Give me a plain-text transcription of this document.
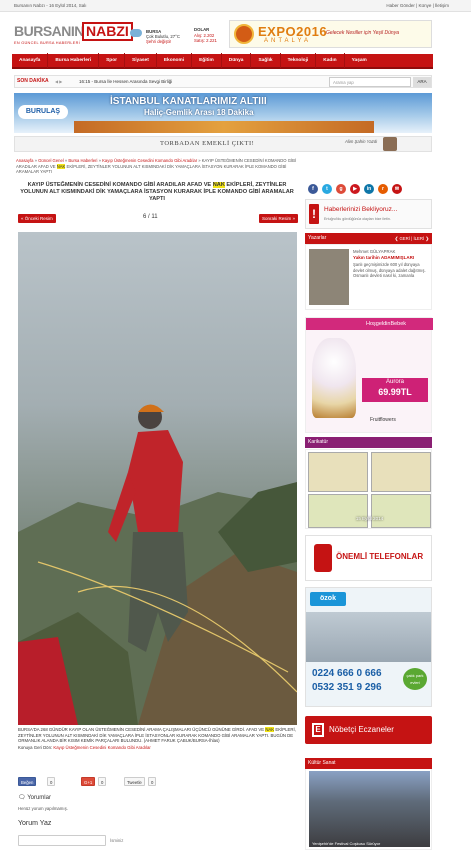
Bursanın Nabzı - 16 Eylül 2014, Salı	Haber Gönder | Künye | İletişim
BURSANIN NABZI
EN GÜNCEL BURSA HABERLERİ
BURSA
Çok Bulutlu, 27°C
Şehri değiştir
DOLAR
Alış: 2.202
Satış: 2.221
EXPO2016
ANTALYA
Gelecek Nesiller için Yeşil Dünya
Anasayfa	Bursa Haberleri	Spor	Siyaset	Ekonomi	Eğitim	Dünya	Sağlık	Teknoloji	Kadın	Yaşam
SON DAKİKA ◀ ▶	16:15 - Bursa İle Hessen Arasında Sevgi Birliği	Arama yap	ARA
BURULAŞ
İSTANBUL KANATLARIMIZ ALTIII
Haliç-Gemlik Arası 18 Dakika
TORBADAN EMEKLİ ÇIKTI!	Alim Şahin Yazdı
Anasayfa » Güncel Genel » Bursa Haberleri » Kayıp Üsteğmenin Cesedini Komando Gibi Aradılar » KAYIP ÜSTEĞMENİN CESEDİNİ KOMANDO GİBİ ARADILAR AFAD VE NAK EKİPLERİ, ZEYTİNLER YOLUNUN ALT KISMINDAKİ DİK YAMAÇLARA İSTASYON KURARAK İPLE KOMANDO GİBİ ARAMALAR YAPTI
KAYIP ÜSTEĞMENİN CESEDİNİ KOMANDO GİBİ ARADILAR AFAD VE NAK EKİPLERİ, ZEYTİNLER YOLUNUN ALT KISMINDAKİ DİK YAMAÇLARA İSTASYON KURARAK İPLE KOMANDO GİBİ ARAMALAR YAPTI
« Önceki Resim	6 / 11	Sonraki Resim »
BURSA'DA 268 GÜNDÜR KAYIP OLAN ÜSTEĞMENİN CESEDİNİ ARAMA ÇALIŞMALARI ÜÇÜNCÜ GÜNÜNE GİRDİ. AFAD VE NAK EKİPLERİ, ZEYTİNLER YOLUNUN ALT KISMINDAKİ DİK YAMAÇLARA İPLE İSTASYONLAR KURARAK KOMANDO GİBİ ARAMALAR YAPTI. BUGÜN DE ORMANLIK ALANDA BİR KISIM KEMİK PARÇALARI BULUNDU. (AHMET FARUK ÇABUK/BURSA-İhlas)
Konuya Geri Dön: Kayıp Üsteğmenin Cesedini Komando Gibi Aradılar
Beğen	0	G+1	0	Tweetle	0
🗨 Yorumlar
Henüz yorum yapılmamış.
Yorum Yaz
İsminiz
f	t	g	▶	in	r	✉
!	Haberlerinizi Bekliyoruz...
Ertuğrul'du gördüğünüz olayları bize iletin.
Yazarlar	❮ GERİ | İLERİ ❯
Mehmet GÜLYAPRAK
Yakın tarihin ADAMIMIŞLARI
Şanlı geçmişimizde 600 yıl dünyaya devlet olmuş, dünyaya adalet dağıtmış. Osmanlı devleti nasıl ki, zamanla
HoşgeldinBebek
Aurora
69.99TL
Fruitflowers
Karikatür
15 Eylül 2014
ÖNEMLİ TELEFONLAR
özok
0224 666 0 666
0532 351 9 296
çalık park evleri
E	Nöbetçi Eczaneler
Kültür Sanat
Yenişehir'de Festival Coşkusu Sürüyor
